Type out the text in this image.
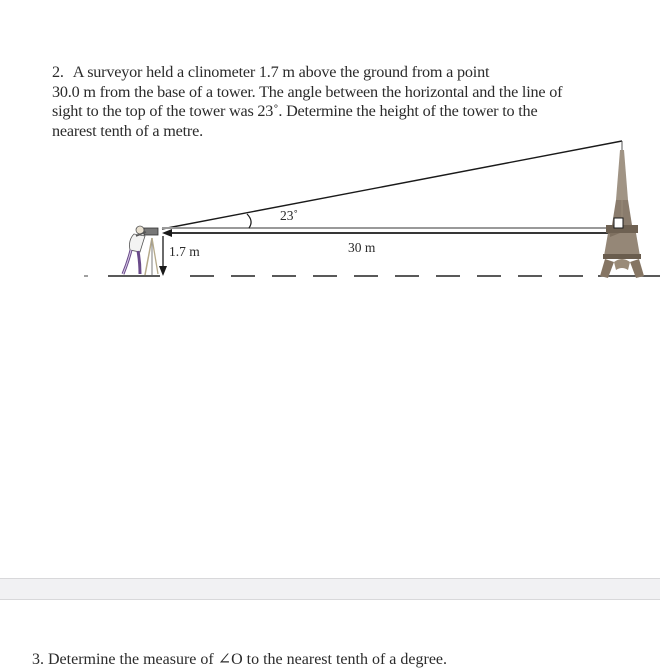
2. A surveyor held a clinometer 1.7 m above the ground from a point
30.0 m from the base of a tower. The angle between the horizontal and the line of
sight to the top of the tower was 23˚. Determine the height of the tower to the
nearest tenth of a metre.
23˚
1.7 m	30 m
3. Determine the measure of ∠O to the nearest tenth of a degree.
